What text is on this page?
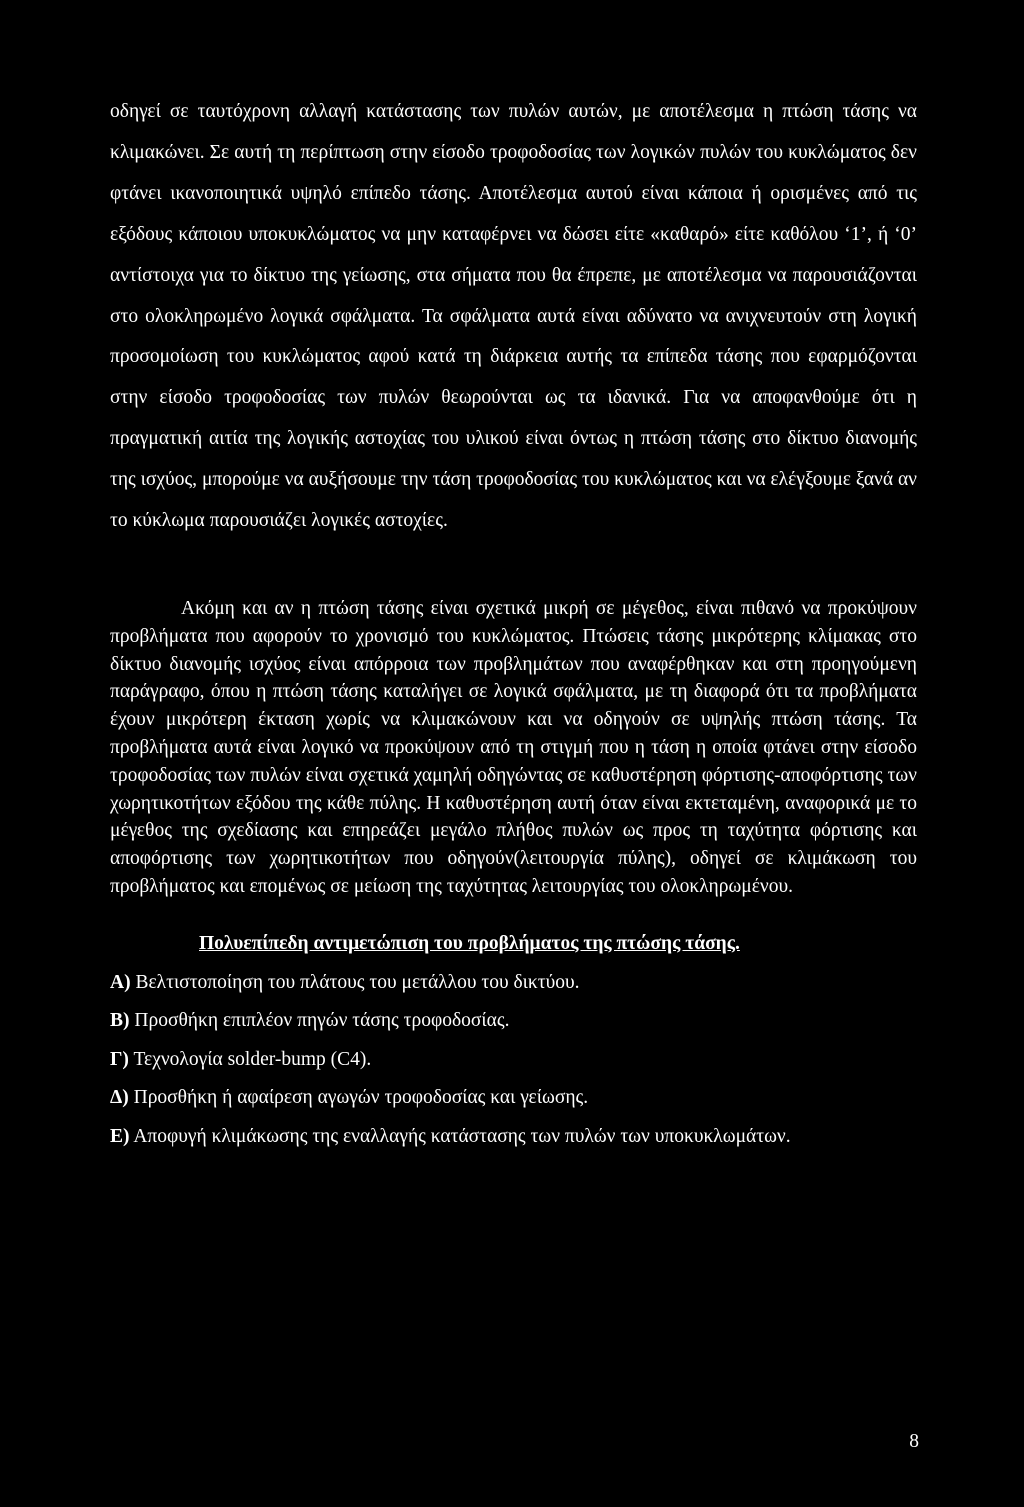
οδηγεί σε ταυτόχρονη αλλαγή κατάστασης των πυλών αυτών, με αποτέλεσμα η πτώση τάσης να κλιμακώνει. Σε αυτή τη περίπτωση στην είσοδο τροφοδοσίας των λογικών πυλών του κυκλώματος δεν φτάνει ικανοποιητικά υψηλό επίπεδο τάσης. Αποτέλεσμα αυτού είναι κάποια ή ορισμένες από τις εξόδους κάποιου υποκυκλώματος να μην καταφέρνει να δώσει είτε «καθαρό» είτε καθόλου ‘1’, ή ‘0’ αντίστοιχα για το δίκτυο της γείωσης, στα σήματα που θα έπρεπε, με αποτέλεσμα να παρουσιάζονται στο ολοκληρωμένο λογικά σφάλματα. Τα σφάλματα αυτά είναι αδύνατο να ανιχνευτούν στη λογική προσομοίωση του κυκλώματος αφού κατά τη διάρκεια αυτής τα επίπεδα τάσης που εφαρμόζονται στην είσοδο τροφοδοσίας των πυλών θεωρούνται ως τα ιδανικά. Για να αποφανθούμε ότι η πραγματική αιτία της λογικής αστοχίας του υλικού είναι όντως η πτώση τάσης στο δίκτυο διανομής της ισχύος, μπορούμε να αυξήσουμε την τάση τροφοδοσίας του κυκλώματος και να ελέγξουμε ξανά αν το κύκλωμα παρουσιάζει λογικές αστοχίες.

Ακόμη και αν η πτώση τάσης είναι σχετικά μικρή σε μέγεθος, είναι πιθανό να προκύψουν προβλήματα που αφορούν το χρονισμό του κυκλώματος. Πτώσεις τάσης μικρότερης κλίμακας στο δίκτυο διανομής ισχύος είναι απόρροια των προβλημάτων που αναφέρθηκαν και στη προηγούμενη παράγραφο, όπου η πτώση τάσης καταλήγει σε λογικά σφάλματα, με τη διαφορά ότι τα προβλήματα έχουν μικρότερη έκταση χωρίς να κλιμακώνουν και να οδηγούν σε υψηλής πτώση τάσης. Τα προβλήματα αυτά είναι λογικό να προκύψουν από τη στιγμή που η τάση η οποία φτάνει στην είσοδο τροφοδοσίας των πυλών είναι σχετικά χαμηλή οδηγώντας σε καθυστέρηση φόρτισης-αποφόρτισης των χωρητικοτήτων εξόδου της κάθε πύλης. Η καθυστέρηση αυτή όταν είναι εκτεταμένη, αναφορικά με το μέγεθος της σχεδίασης και επηρεάζει μεγάλο πλήθος πυλών ως προς τη ταχύτητα φόρτισης και αποφόρτισης των χωρητικοτήτων που οδηγούν(λειτουργία πύλης), οδηγεί σε κλιμάκωση του προβλήματος και επομένως σε μείωση της ταχύτητας λειτουργίας του ολοκληρωμένου.

Πολυεπίπεδη αντιμετώπιση του προβλήματος της πτώσης τάσης.
Α) Βελτιστοποίηση του πλάτους του μετάλλου του δικτύου.
Β) Προσθήκη επιπλέον πηγών τάσης τροφοδοσίας.
Γ) Τεχνολογία solder-bump (C4).
Δ) Προσθήκη ή αφαίρεση αγωγών τροφοδοσίας και γείωσης.
Ε) Αποφυγή κλιμάκωσης της εναλλαγής κατάστασης των πυλών των υποκυκλωμάτων.
8
